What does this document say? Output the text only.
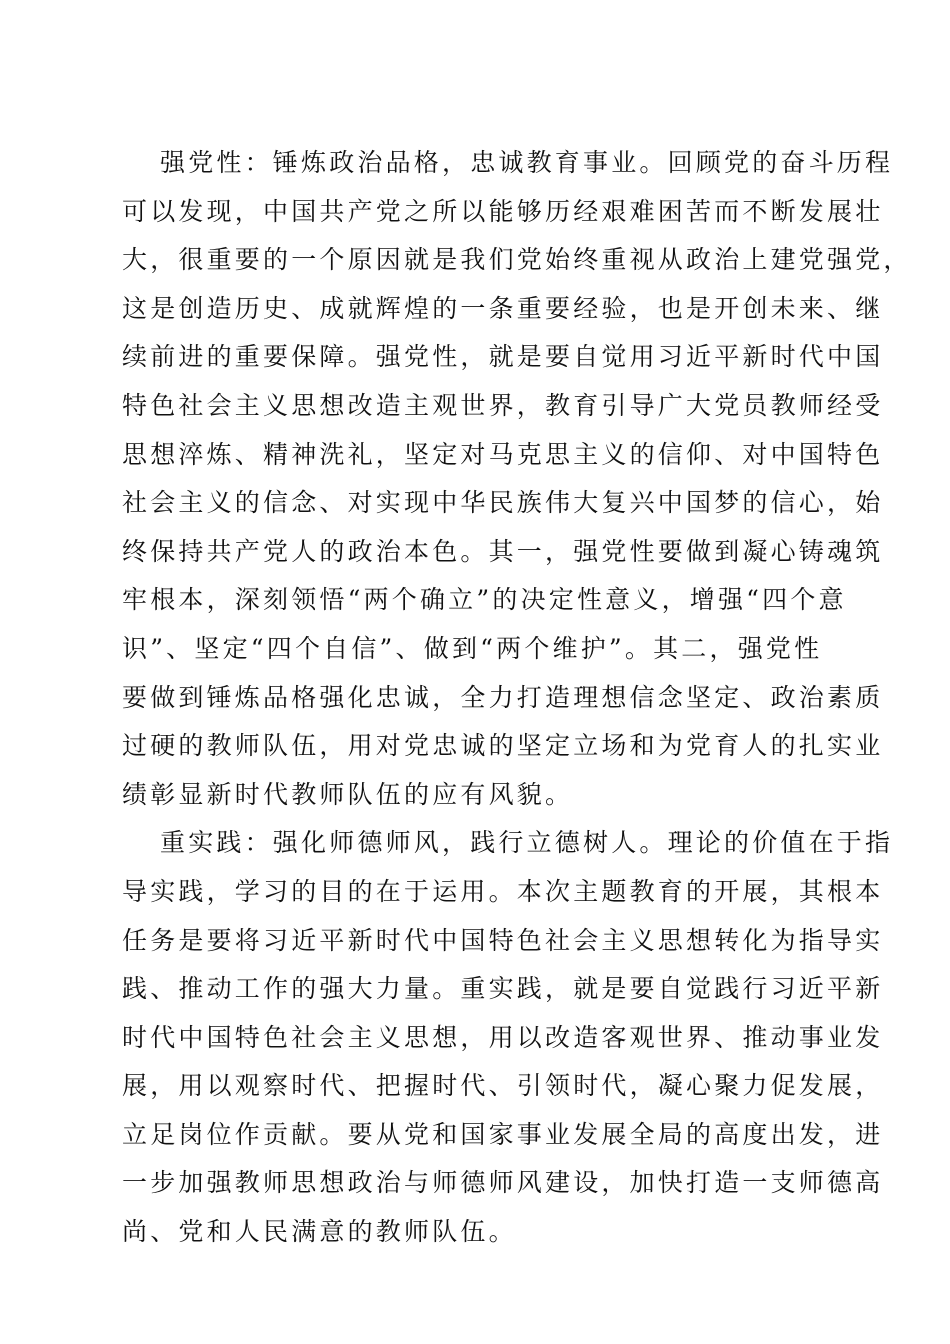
强党性：锤炼政治品格，忠诚教育事业。回顾党的奋斗历程
可以发现，中国共产党之所以能够历经艰难困苦而不断发展壮
大，很重要的一个原因就是我们党始终重视从政治上建党强党，
这是创造历史、成就辉煌的一条重要经验，也是开创未来、继
续前进的重要保障。强党性，就是要自觉用习近平新时代中国
特色社会主义思想改造主观世界，教育引导广大党员教师经受
思想淬炼、精神洗礼，坚定对马克思主义的信仰、对中国特色
社会主义的信念、对实现中华民族伟大复兴中国梦的信心，始
终保持共产党人的政治本色。其一，强党性要做到凝心铸魂筑
牢根本，深刻领悟“两个确立”的决定性意义，增强“四个意
识”、坚定“四个自信”、做到“两个维护”。其二，强党性
要做到锤炼品格强化忠诚，全力打造理想信念坚定、政治素质
过硬的教师队伍，用对党忠诚的坚定立场和为党育人的扎实业
绩彰显新时代教师队伍的应有风貌。
重实践：强化师德师风，践行立德树人。理论的价值在于指
导实践，学习的目的在于运用。本次主题教育的开展，其根本
任务是要将习近平新时代中国特色社会主义思想转化为指导实
践、推动工作的强大力量。重实践，就是要自觉践行习近平新
时代中国特色社会主义思想，用以改造客观世界、推动事业发
展，用以观察时代、把握时代、引领时代，凝心聚力促发展，
立足岗位作贡献。要从党和国家事业发展全局的高度出发，进
一步加强教师思想政治与师德师风建设，加快打造一支师德高
尚、党和人民满意的教师队伍。
